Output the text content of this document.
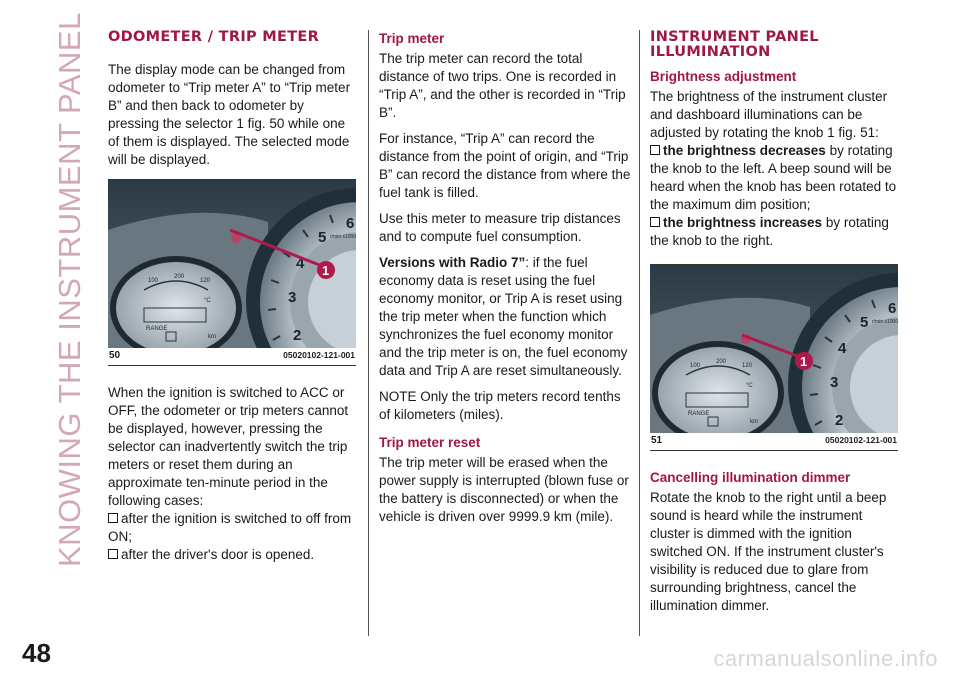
KNOWING THE INSTRUMENT PANEL
48	carmanualsonline.info
ODOMETER / TRIP METER

The display mode can be changed from odometer to “Trip meter A” to “Trip meter B” and then back to odometer by pressing the selector 1 fig. 50 while one of them is displayed. The selected mode will be displayed.

2
3
4
5
6
r/min x1000
100
200
120
°C
RANGE
km
1
50	05020102-121-001

When the ignition is switched to ACC or OFF, the odometer or trip meters cannot be displayed, however, pressing the selector can inadvertently switch the trip meters or reset them during an approximate ten-minute period in the following cases:

after the ignition is switched to off from ON;
after the driver's door is opened.
Trip meter

The trip meter can record the total distance of two trips. One is recorded in “Trip A”, and the other is recorded in “Trip B”.

For instance, “Trip A” can record the distance from the point of origin, and “Trip B” can record the distance from where the fuel tank is filled.

Use this meter to measure trip distances and to compute fuel consumption.

Versions with Radio 7”: if the fuel economy data is reset using the fuel economy monitor, or Trip A is reset using the trip meter when the function which synchronizes the fuel economy monitor and the trip meter is on, the fuel economy data and Trip A are reset simultaneously.

NOTE Only the trip meters record tenths of kilometers (miles).

Trip meter reset

The trip meter will be erased when the power supply is interrupted (blown fuse or the battery is disconnected) or when the vehicle is driven over 9999.9 km (mile).

INSTRUMENT PANEL ILLUMINATION
Brightness adjustment

The brightness of the instrument cluster and dashboard illuminations can be adjusted by rotating the knob 1 fig. 51:

the brightness decreases by rotating the knob to the left. A beep sound will be heard when the knob has been rotated to the maximum dim position;
the brightness increases by rotating the knob to the right.
2
3
4
5
6
r/min x1000
100
200
120
°C
RANGE
km
1
51	05020102-121-001
Cancelling illumination dimmer

Rotate the knob to the right until a beep sound is heard while the instrument cluster is dimmed with the ignition switched ON. If the instrument cluster's visibility is reduced due to glare from surrounding brightness, cancel the illumination dimmer.
